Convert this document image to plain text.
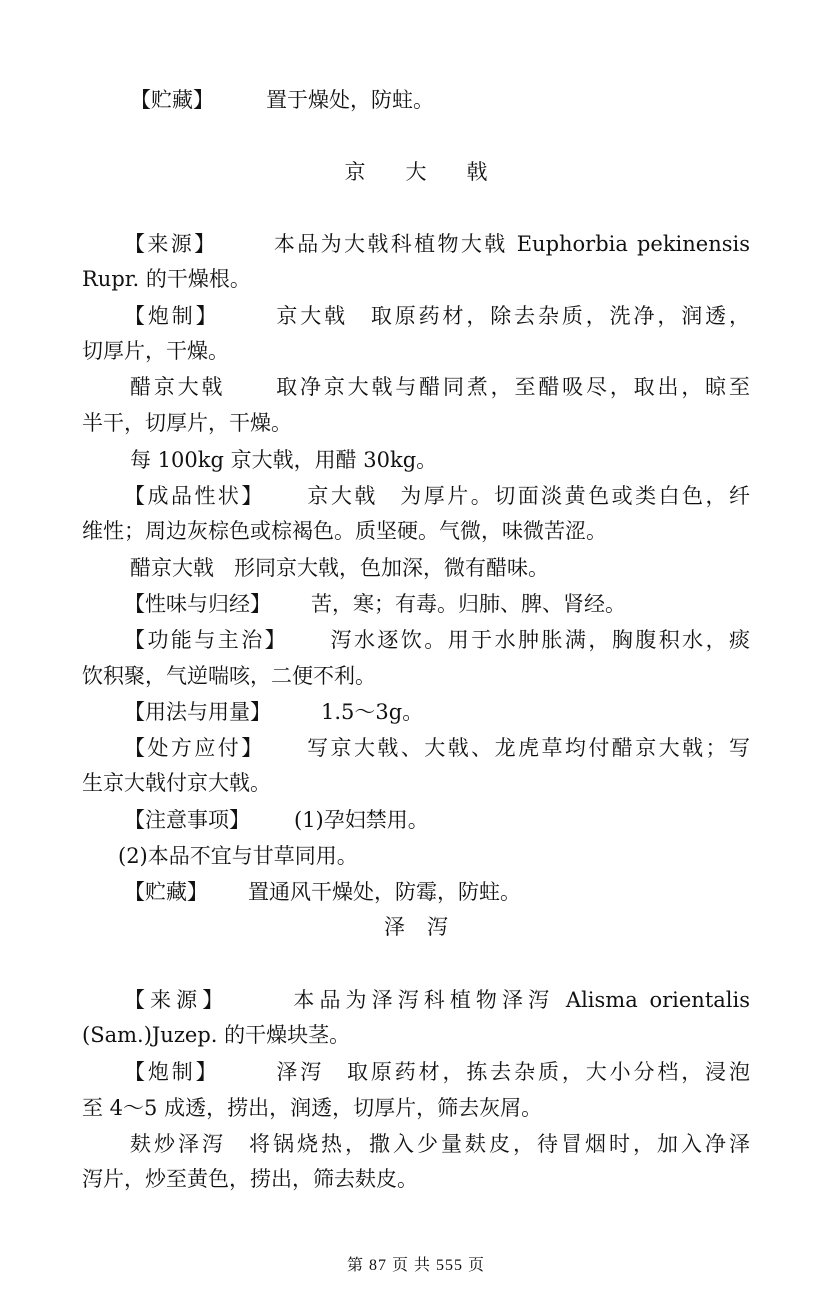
【贮藏】 置于燥处，防蛀。
京 大 戟
【来源】	本品为大戟科植物大戟 Euphorbia pekinensis
Rupr. 的干燥根。
【炮制】	京大戟 取原药材，除去杂质，洗净，润透，
切厚片，干燥。
醋京大戟 取净京大戟与醋同煮，至醋吸尽，取出，晾至
半干，切厚片，干燥。
每 100kg 京大戟，用醋 30kg。
【成品性状】 京大戟 为厚片。切面淡黄色或类白色，纤
维性；周边灰棕色或棕褐色。质坚硬。气微，味微苦涩。
醋京大戟 形同京大戟，色加深，微有醋味。
【性味与归经】 苦，寒；有毒。归肺、脾、肾经。
【功能与主治】 泻水逐饮。用于水肿胀满，胸腹积水，痰
饮积聚，气逆喘咳，二便不利。
【用法与用量】 1.5～3g。
【处方应付】 写京大戟、大戟、龙虎草均付醋京大戟；写
生京大戟付京大戟。
【注意事项】 (1)孕妇禁用。
(2)本品不宜与甘草同用。
【贮藏】 置通风干燥处，防霉，防蛀。
泽 泻
【来源】	本品为泽泻科植物泽泻 Alisma orientalis
(Sam.)Juzep. 的干燥块茎。
【炮制】	泽泻 取原药材，拣去杂质，大小分档，浸泡
至 4～5 成透，捞出，润透，切厚片，筛去灰屑。
麸炒泽泻 将锅烧热，撒入少量麸皮，待冒烟时，加入净泽
泻片，炒至黄色，捞出，筛去麸皮。
第 87 页 共 555 页
